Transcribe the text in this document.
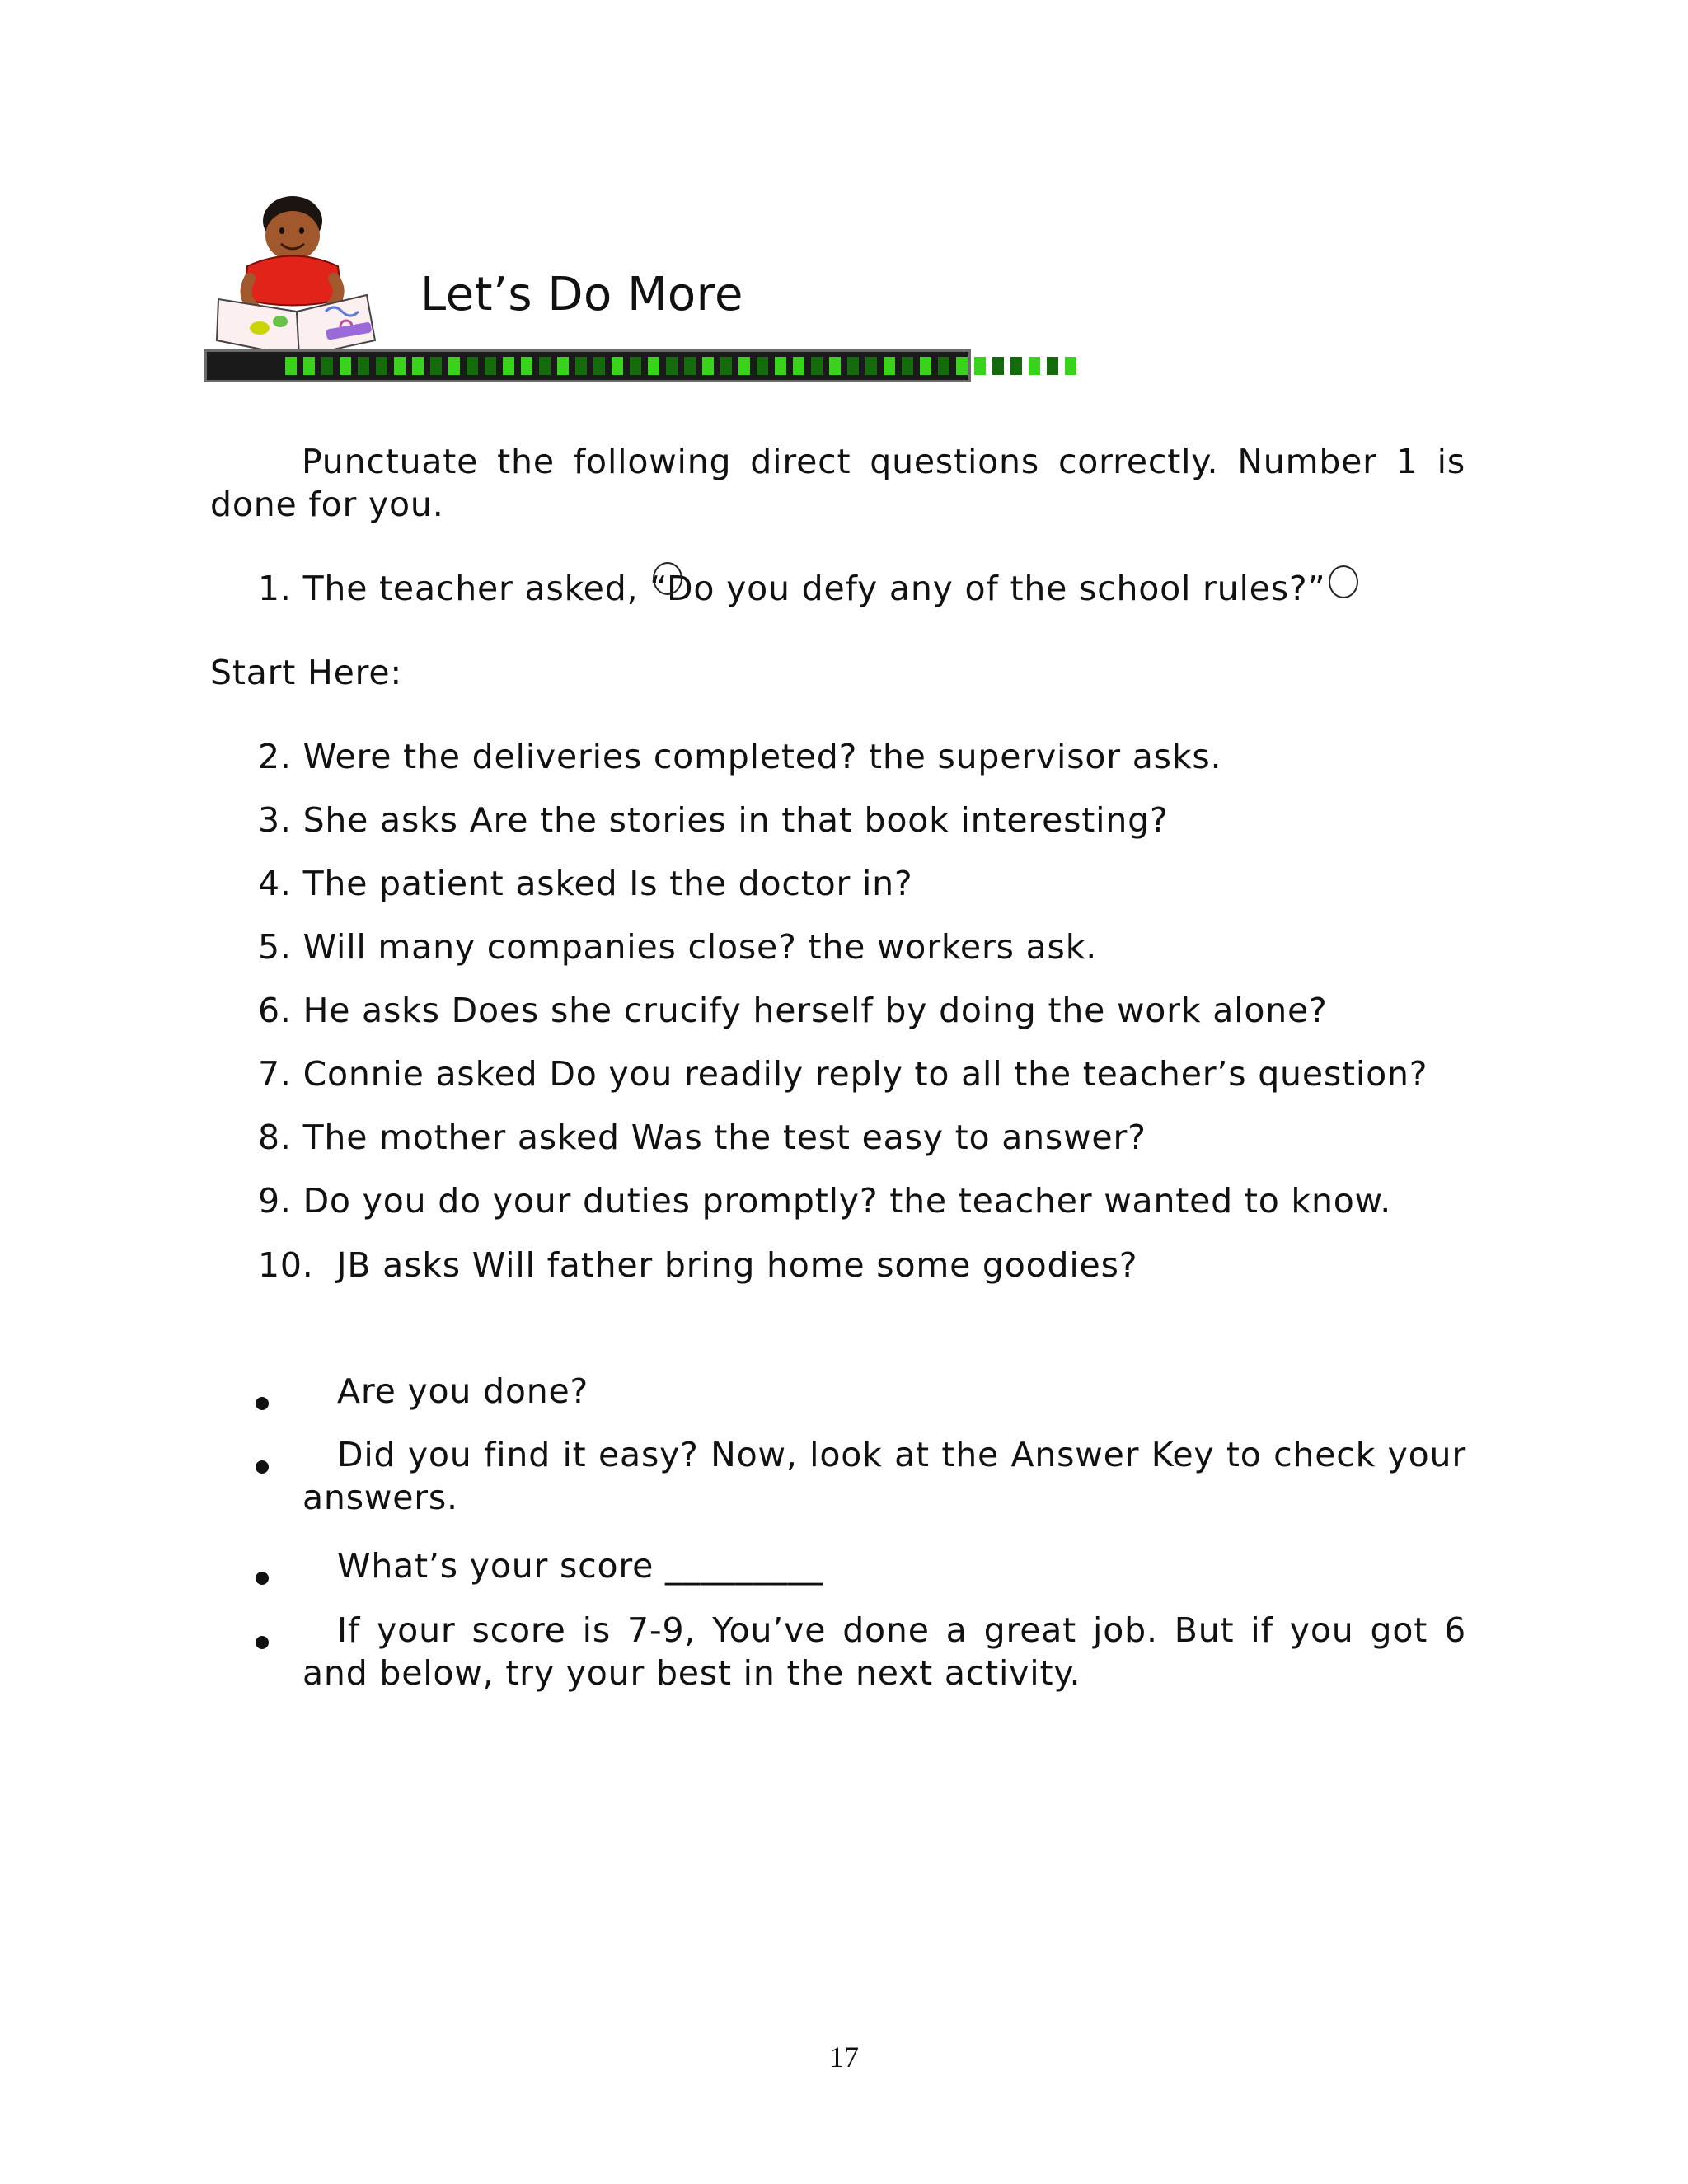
Let’s Do More
Punctuate the following direct questions correctly. Number 1 is
done for you.
1. The teacher asked, “Do you defy any of the school rules?”
Start Here:
2. Were the deliveries completed? the supervisor asks.
3. She asks Are the stories in that book interesting?
4. The patient asked Is the doctor in?
5. Will many companies close? the workers ask.
6. He asks Does she crucify herself by doing the work alone?
7. Connie asked Do you readily reply to all the teacher’s question?
8. The mother asked Was the test easy to answer?
9. Do you do your duties promptly? the teacher wanted to know.
10. JB asks Will father bring home some goodies?
Are you done?
Did you find it easy? Now, look at the Answer Key to check your
answers.
What’s your score _________
If your score is 7-9, You’ve done a great job. But if you got 6
and below, try your best in the next activity.
17
